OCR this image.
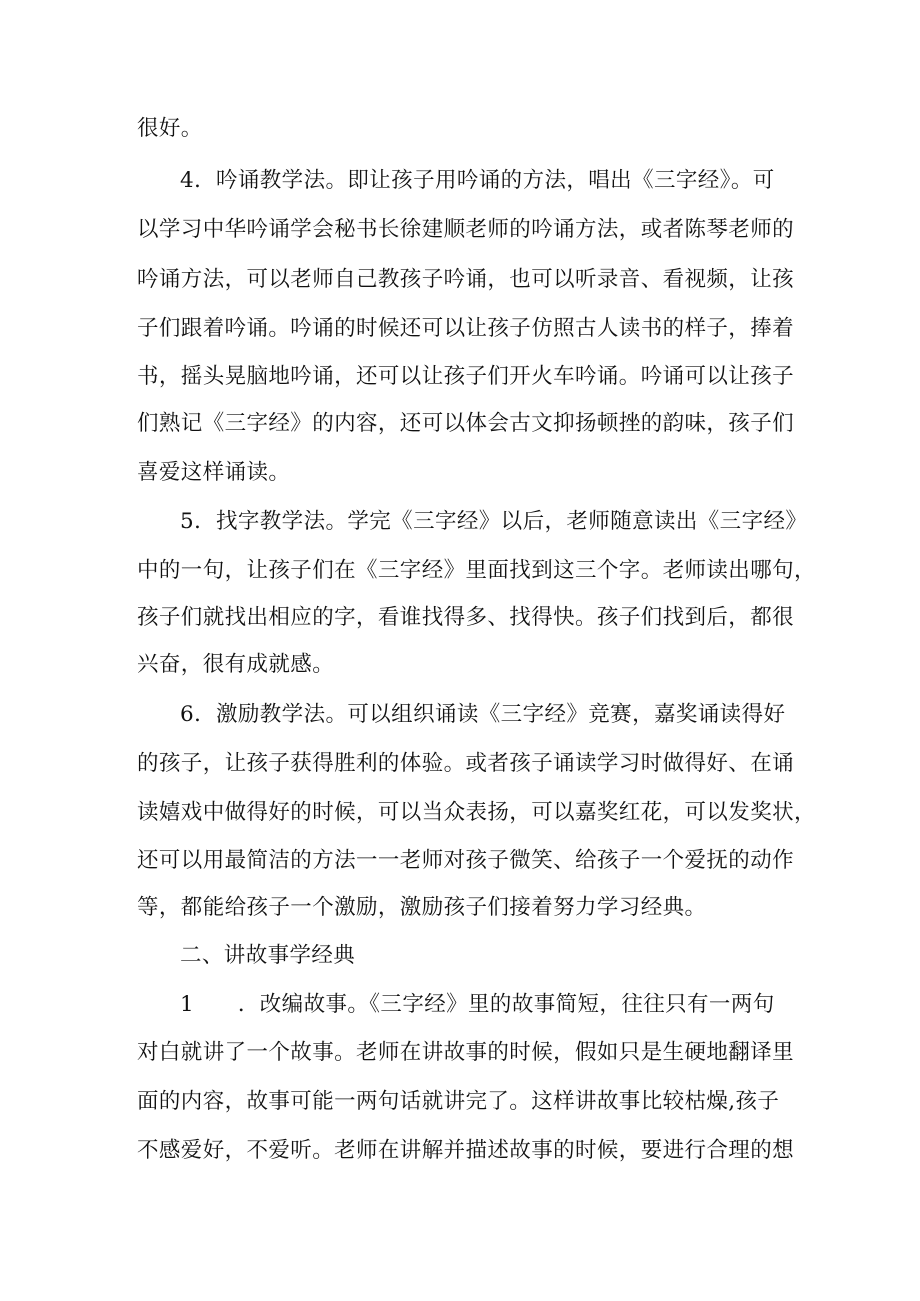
很好。
4．吟诵教学法。即让孩子用吟诵的方法，唱出《三字经》。可
以学习中华吟诵学会秘书长徐建顺老师的吟诵方法，或者陈琴老师的
吟诵方法，可以老师自己教孩子吟诵，也可以听录音、看视频，让孩
子们跟着吟诵。吟诵的时候还可以让孩子仿照古人读书的样子，捧着
书，摇头晃脑地吟诵，还可以让孩子们开火车吟诵。吟诵可以让孩子
们熟记《三字经》的内容，还可以体会古文抑扬顿挫的韵味，孩子们
喜爱这样诵读。
5．找字教学法。学完《三字经》以后，老师随意读出《三字经》
中的一句，让孩子们在《三字经》里面找到这三个字。老师读出哪句，
孩子们就找出相应的字，看谁找得多、找得快。孩子们找到后，都很
兴奋，很有成就感。
6．激励教学法。可以组织诵读《三字经》竞赛，嘉奖诵读得好
的孩子，让孩子获得胜利的体验。或者孩子诵读学习时做得好、在诵
读嬉戏中做得好的时候，可以当众表扬，可以嘉奖红花，可以发奖状，
还可以用最简洁的方法一一老师对孩子微笑、给孩子一个爱抚的动作
等，都能给孩子一个激励，激励孩子们接着努力学习经典。
二、讲故事学经典
1　　．改编故事。《三字经》里的故事简短，往往只有一两句
对白就讲了一个故事。老师在讲故事的时候，假如只是生硬地翻译里
面的内容，故事可能一两句话就讲完了。这样讲故事比较枯燥,孩子
不感爱好，不爱听。老师在讲解并描述故事的时候，要进行合理的想
